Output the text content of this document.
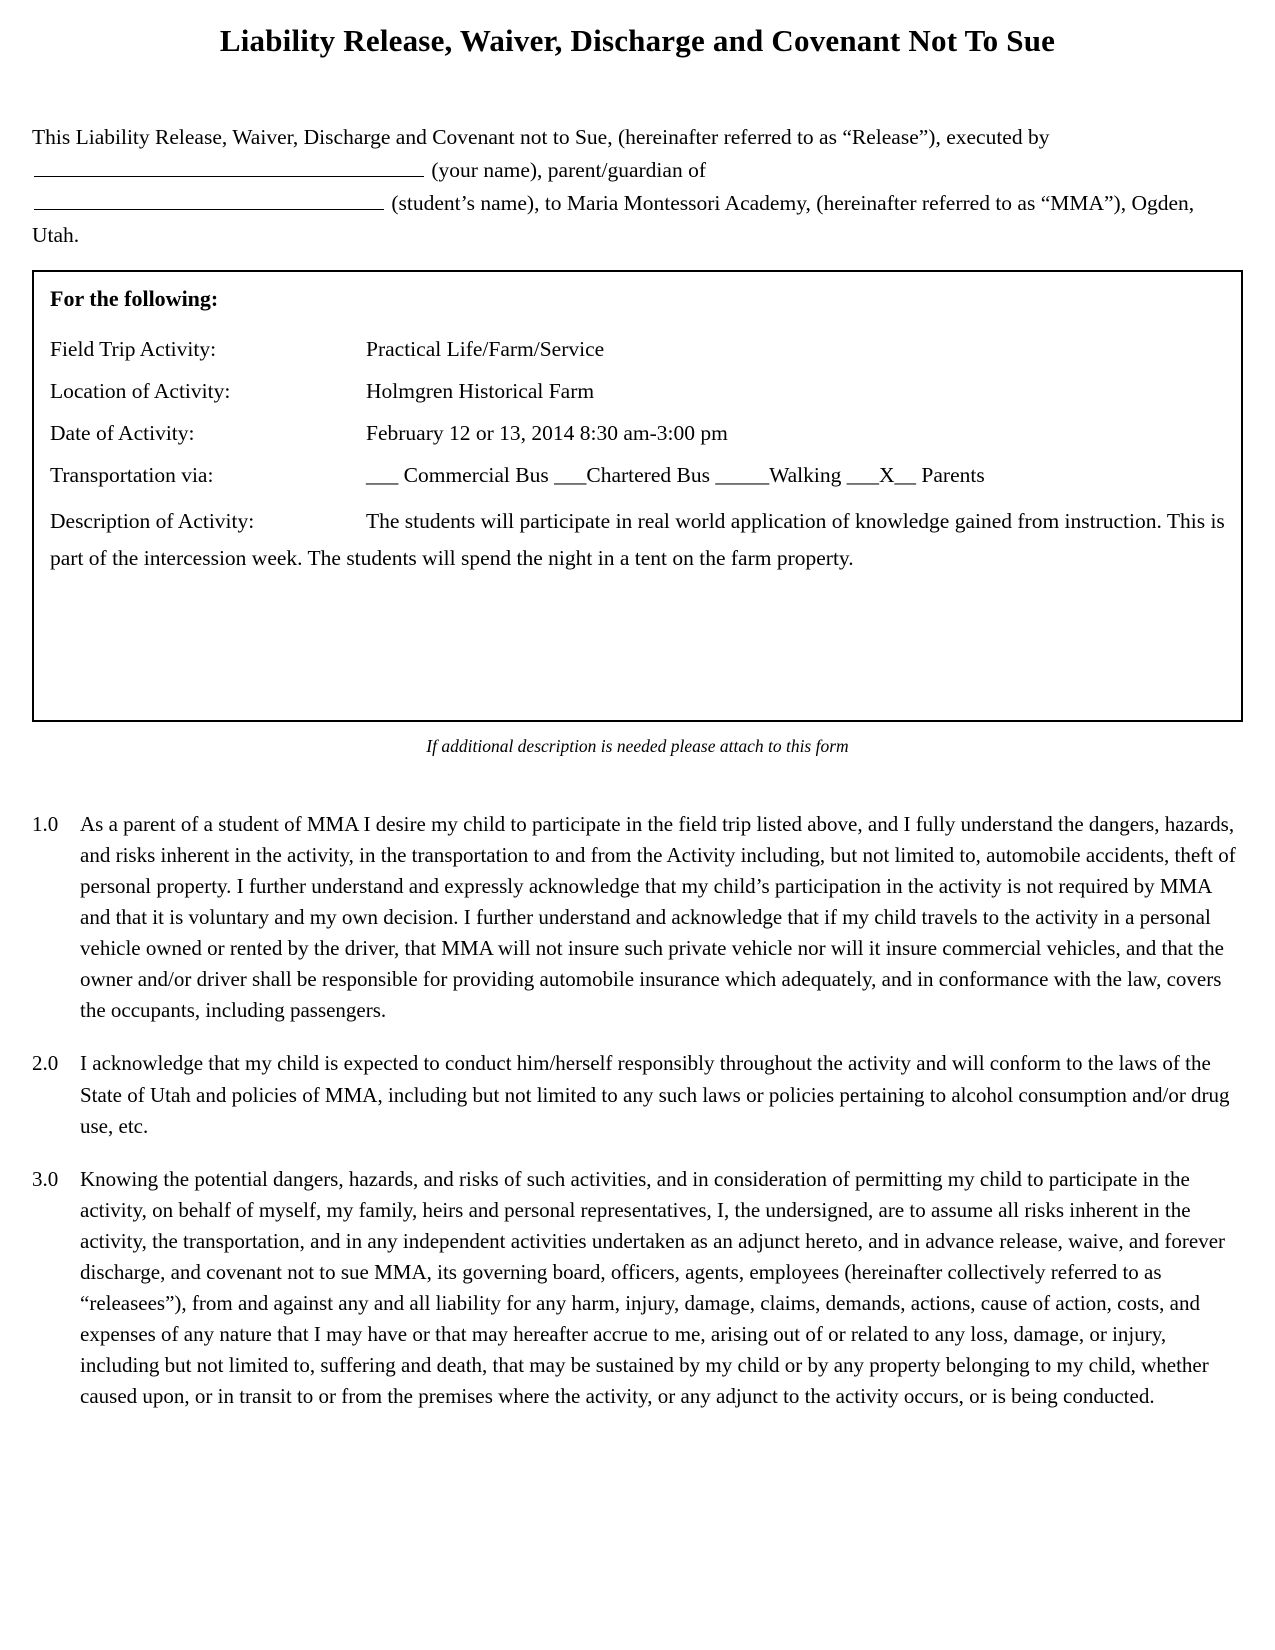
Liability Release, Waiver, Discharge and Covenant Not To Sue
This Liability Release, Waiver, Discharge and Covenant not to Sue, (hereinafter referred to as “Release”), executed by  (your name), parent/guardian of
(student’s name), to Maria Montessori Academy, (hereinafter referred to as “MMA”), Ogden, Utah.
For the following:
Field Trip Activity:	Practical Life/Farm/Service
Location of Activity:	Holmgren Historical Farm
Date of Activity:	February 12 or 13, 2014 8:30 am-3:00 pm
Transportation via:	___ Commercial Bus ___Chartered Bus _____Walking ___X__ Parents
Description of Activity:	The students will participate in real world application of knowledge gained from instruction. This is part of the intercession week. The students will spend the night in a tent on the farm property.
If additional description is needed please attach to this form
1.0	As a parent of a student of MMA I desire my child to participate in the field trip listed above, and I fully understand the dangers, hazards, and risks inherent in the activity, in the transportation to and from the Activity including, but not limited to, automobile accidents, theft of personal property. I further understand and expressly acknowledge that my child’s participation in the activity is not required by MMA and that it is voluntary and my own decision. I further understand and acknowledge that if my child travels to the activity in a personal vehicle owned or rented by the driver, that MMA will not insure such private vehicle nor will it insure commercial vehicles, and that the owner and/or driver shall be responsible for providing automobile insurance which adequately, and in conformance with the law, covers the occupants, including passengers.
2.0	I acknowledge that my child is expected to conduct him/herself responsibly throughout the activity and will conform to the laws of the State of Utah and policies of MMA, including but not limited to any such laws or policies pertaining to alcohol consumption and/or drug use, etc.
3.0	Knowing the potential dangers, hazards, and risks of such activities, and in consideration of permitting my child to participate in the activity, on behalf of myself, my family, heirs and personal representatives, I, the undersigned, are to assume all risks inherent in the activity, the transportation, and in any independent activities undertaken as an adjunct hereto, and in advance release, waive, and forever discharge, and covenant not to sue MMA, its governing board, officers, agents, employees (hereinafter collectively referred to as “releasees”), from and against any and all liability for any harm, injury, damage, claims, demands, actions, cause of action, costs, and expenses of any nature that I may have or that may hereafter accrue to me, arising out of or related to any loss, damage, or injury, including but not limited to, suffering and death, that may be sustained by my child or by any property belonging to my child, whether caused upon, or in transit to or from the premises where the activity, or any adjunct to the activity occurs, or is being conducted.
